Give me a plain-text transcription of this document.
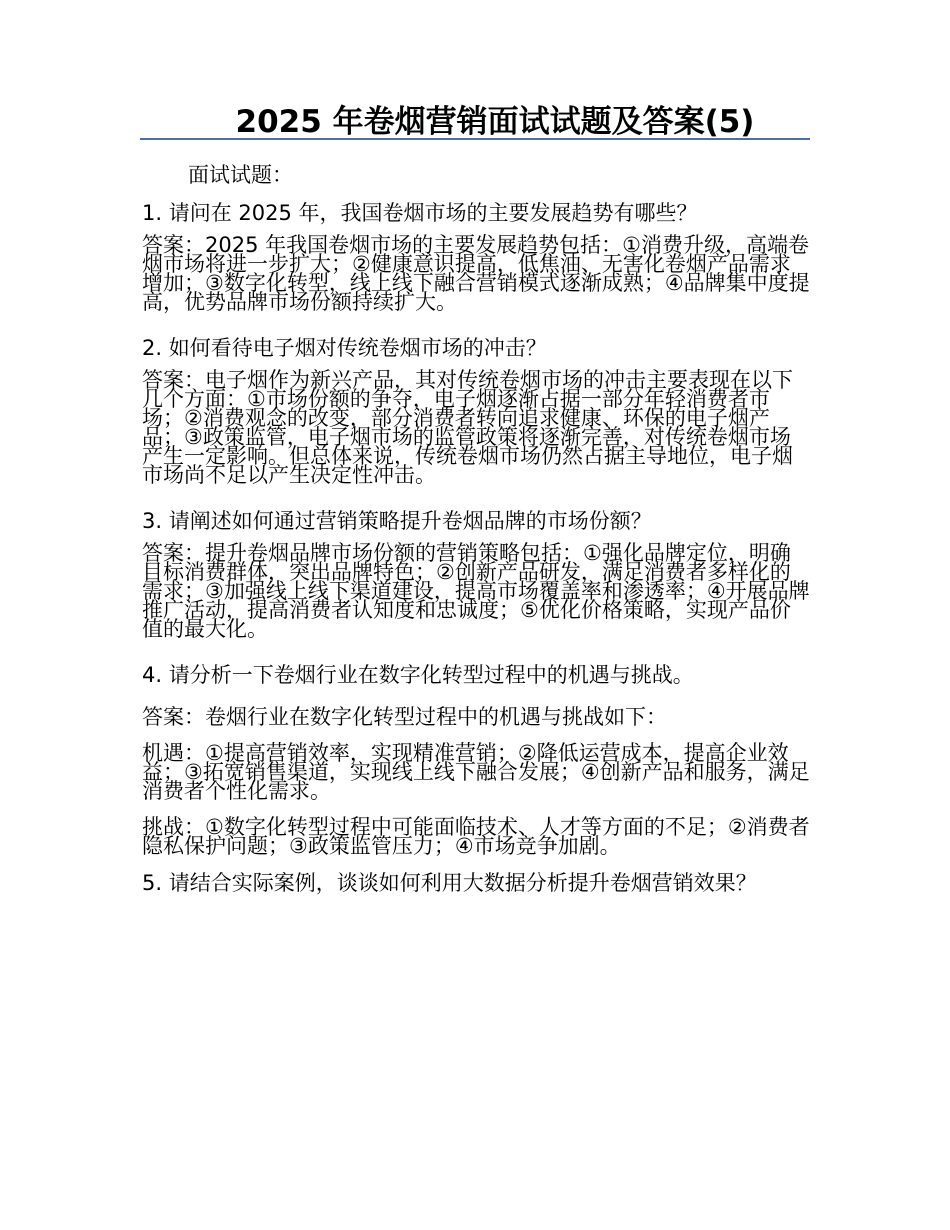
2025 年卷烟营销面试试题及答案(5)

面试试题：

1. 请问在 2025 年，我国卷烟市场的主要发展趋势有哪些？

答案：2025 年我国卷烟市场的主要发展趋势包括：①消费升级，高端卷烟市场将进一步扩大；②健康意识提高，低焦油、无害化卷烟产品需求增加；③数字化转型，线上线下融合营销模式逐渐成熟；④品牌集中度提高，优势品牌市场份额持续扩大。

2. 如何看待电子烟对传统卷烟市场的冲击？

答案：电子烟作为新兴产品，其对传统卷烟市场的冲击主要表现在以下几个方面：①市场份额的争夺，电子烟逐渐占据一部分年轻消费者市场；②消费观念的改变，部分消费者转向追求健康、环保的电子烟产品；③政策监管，电子烟市场的监管政策将逐渐完善，对传统卷烟市场产生一定影响。但总体来说，传统卷烟市场仍然占据主导地位，电子烟市场尚不足以产生决定性冲击。

3. 请阐述如何通过营销策略提升卷烟品牌的市场份额？

答案：提升卷烟品牌市场份额的营销策略包括：①强化品牌定位，明确目标消费群体，突出品牌特色；②创新产品研发，满足消费者多样化的需求；③加强线上线下渠道建设，提高市场覆盖率和渗透率；④开展品牌推广活动，提高消费者认知度和忠诚度；⑤优化价格策略，实现产品价值的最大化。

4. 请分析一下卷烟行业在数字化转型过程中的机遇与挑战。

答案：卷烟行业在数字化转型过程中的机遇与挑战如下：

机遇：①提高营销效率，实现精准营销；②降低运营成本，提高企业效益；③拓宽销售渠道，实现线上线下融合发展；④创新产品和服务，满足消费者个性化需求。

挑战：①数字化转型过程中可能面临技术、人才等方面的不足；②消费者隐私保护问题；③政策监管压力；④市场竞争加剧。

5. 请结合实际案例，谈谈如何利用大数据分析提升卷烟营销效果？
